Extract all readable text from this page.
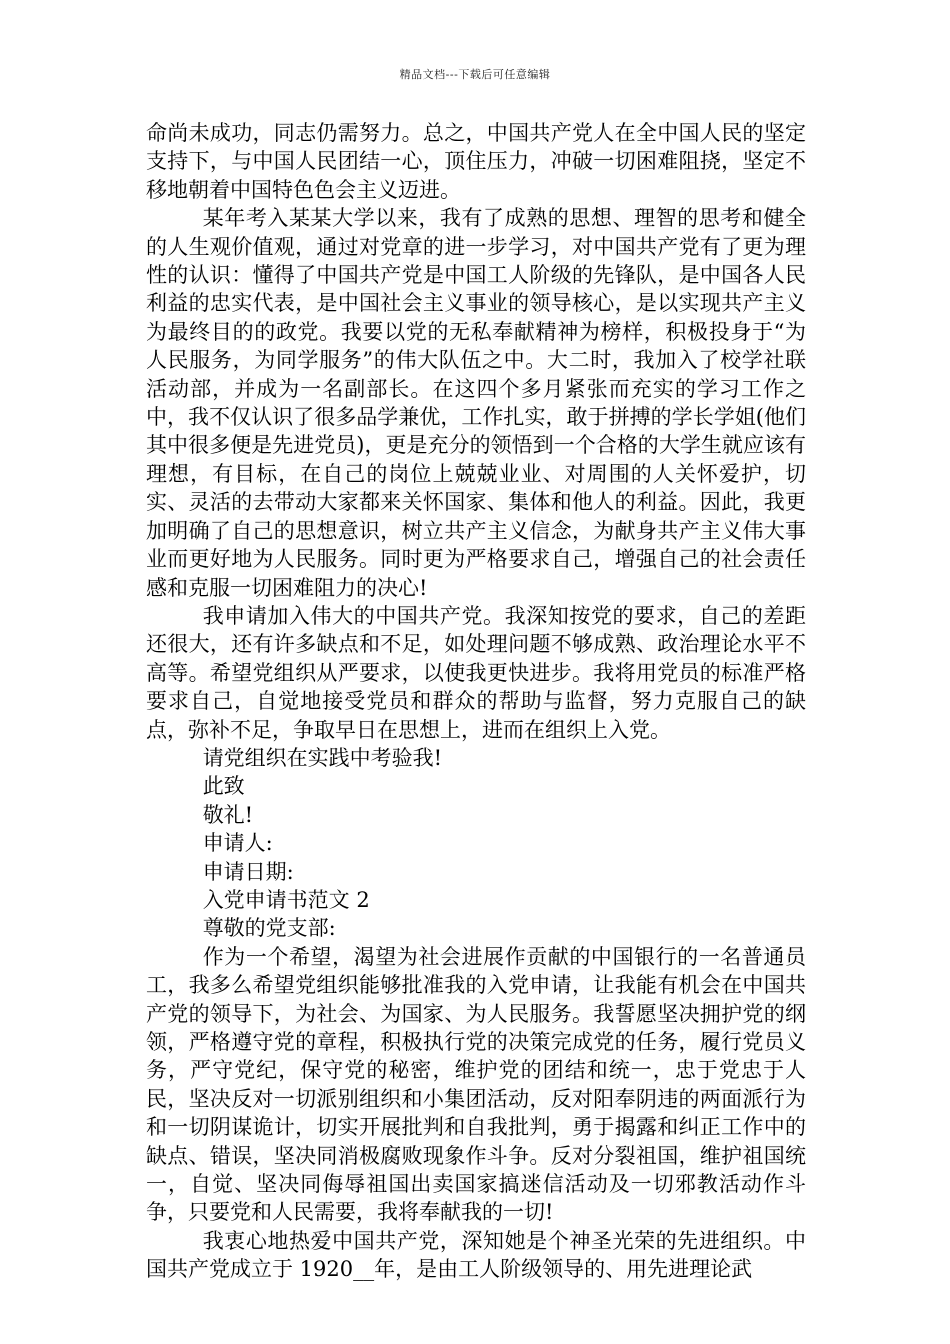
精品文档---下载后可任意编辑

命尚未成功，同志仍需努力。总之，中国共产党人在全中国人民的坚定支持下，与中国人民团结一心，顶住压力，冲破一切困难阻挠，坚定不移地朝着中国特色色会主义迈进。

某年考入某某大学以来，我有了成熟的思想、理智的思考和健全的人生观价值观，通过对党章的进一步学习，对中国共产党有了更为理性的认识：懂得了中国共产党是中国工人阶级的先锋队，是中国各人民利益的忠实代表，是中国社会主义事业的领导核心，是以实现共产主义为最终目的的政党。我要以党的无私奉献精神为榜样，积极投身于“为人民服务，为同学服务”的伟大队伍之中。大二时，我加入了校学社联活动部，并成为一名副部长。在这四个多月紧张而充实的学习工作之中，我不仅认识了很多品学兼优，工作扎实，敢于拼搏的学长学姐(他们其中很多便是先进党员)，更是充分的领悟到一个合格的大学生就应该有理想，有目标，在自己的岗位上兢兢业业、对周围的人关怀爱护，切实、灵活的去带动大家都来关怀国家、集体和他人的利益。因此，我更加明确了自己的思想意识，树立共产主义信念，为献身共产主义伟大事业而更好地为人民服务。同时更为严格要求自己，增强自己的社会责任感和克服一切困难阻力的决心!

我申请加入伟大的中国共产党。我深知按党的要求，自己的差距还很大，还有许多缺点和不足，如处理问题不够成熟、政治理论水平不高等。希望党组织从严要求，以使我更快进步。我将用党员的标准严格要求自己，自觉地接受党员和群众的帮助与监督，努力克服自己的缺点，弥补不足，争取早日在思想上，进而在组织上入党。

请党组织在实践中考验我!

此致

敬礼!

申请人:

申请日期:

入党申请书范文 2

尊敬的党支部:

作为一个希望，渴望为社会进展作贡献的中国银行的一名普通员工，我多么希望党组织能够批准我的入党申请，让我能有机会在中国共产党的领导下，为社会、为国家、为人民服务。我誓愿坚决拥护党的纲领，严格遵守党的章程，积极执行党的决策完成党的任务，履行党员义务，严守党纪，保守党的秘密，维护党的团结和统一，忠于党忠于人民，坚决反对一切派别组织和小集团活动，反对阳奉阴违的两面派行为和一切阴谋诡计，切实开展批判和自我批判，勇于揭露和纠正工作中的缺点、错误，坚决同消极腐败现象作斗争。反对分裂祖国，维护祖国统一，自觉、坚决同侮辱祖国出卖国家搞迷信活动及一切邪教活动作斗争，只要党和人民需要，我将奉献我的一切!

我衷心地热爱中国共产党，深知她是个神圣光荣的先进组织。中国共产党成立于 1920__年，是由工人阶级领导的、用先进理论武
